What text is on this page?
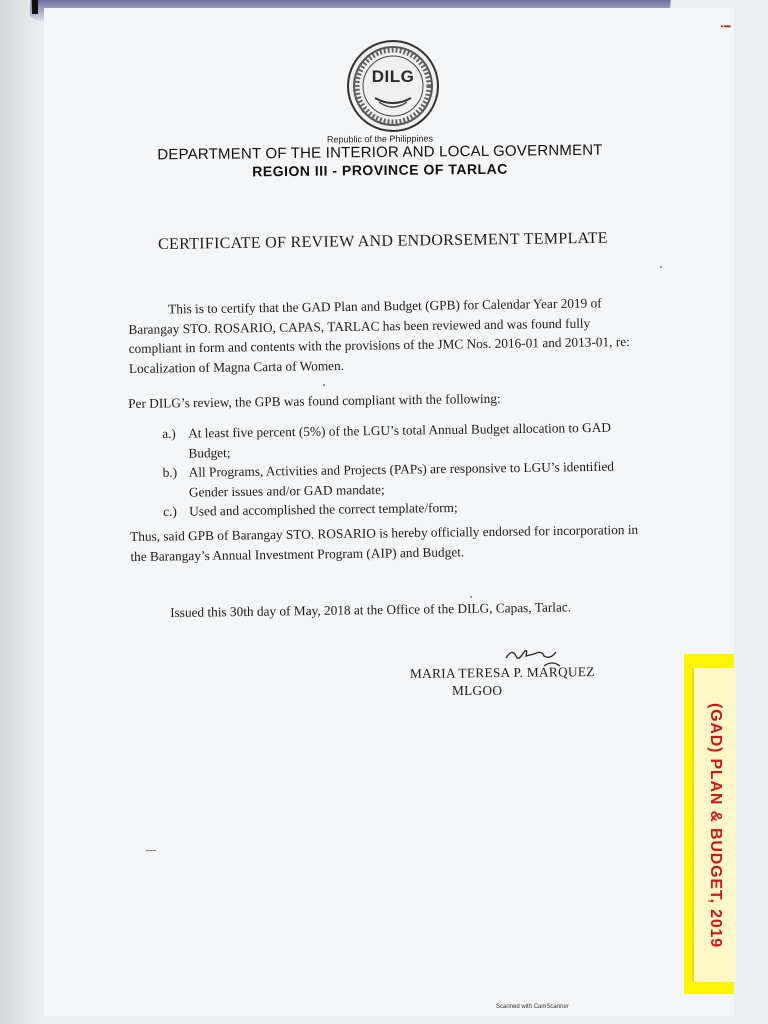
!
DILG
Republic of the Philippines
DEPARTMENT OF THE INTERIOR AND LOCAL GOVERNMENT
REGION III - PROVINCE OF TARLAC
CERTIFICATE OF REVIEW AND ENDORSEMENT TEMPLATE
This is to certify that the GAD Plan and Budget (GPB) for Calendar Year 2019 of Barangay STO. ROSARIO, CAPAS, TARLAC has been reviewed and was found fully compliant in form and contents with the provisions of the JMC Nos. 2016-01 and 2013-01, re: Localization of Magna Carta of Women.
Per DILG’s review, the GPB was found compliant with the following:
a.) At least five percent (5%) of the LGU’s total Annual Budget allocation to GAD Budget;
b.) All Programs, Activities and Projects (PAPs) are responsive to LGU’s identified Gender issues and/or GAD mandate;
c.) Used and accomplished the correct template/form;
Thus, said GPB of Barangay STO. ROSARIO is hereby officially endorsed for incorporation in the Barangay’s Annual Investment Program (AIP) and Budget.
Issued this 30th day of May, 2018 at the Office of the DILG, Capas, Tarlac.
MARIA TERESA P. MARQUEZ
MLGOO
(GAD) PLAN & BUDGET, 2019
Scanned with CamScanner
